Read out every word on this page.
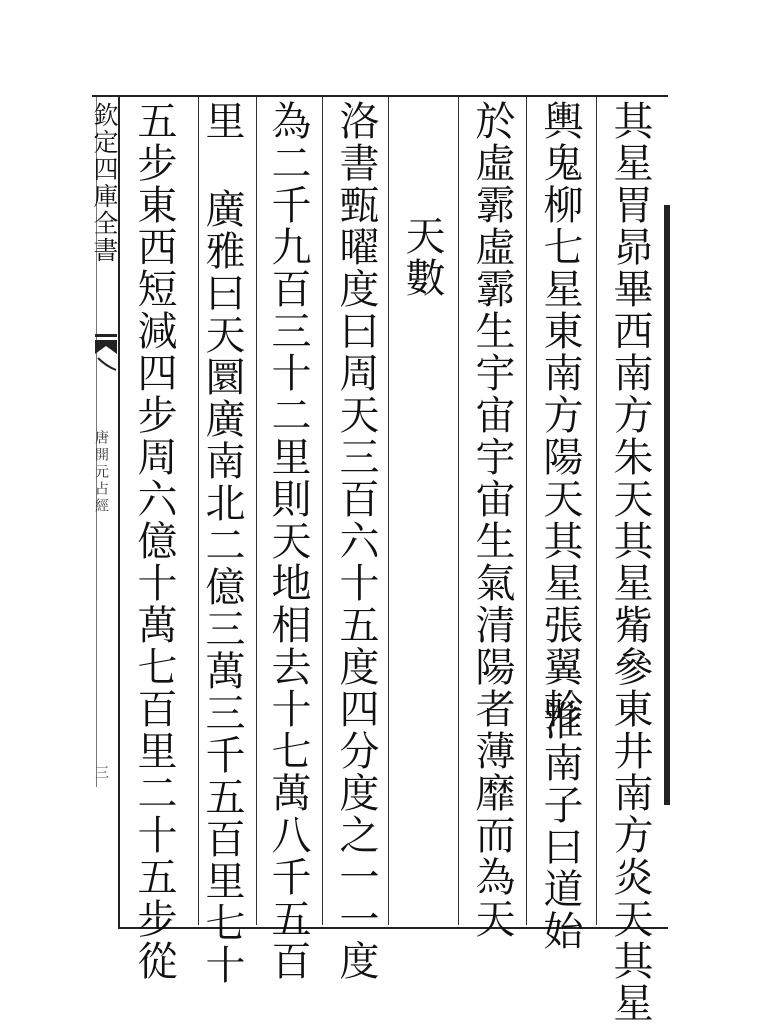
欽定四庫全書
唐開元占經
三	其星胃昴畢西南方朱天其星觜參東井南方炎天其星
輿鬼柳七星東南方陽天其星張翼軫
淮南子曰道始
於虛霩虛霩生宇宙宇宙生氣清陽者薄靡而為天
天數
洛書甄曜度曰周天三百六十五度四分度之一一度
為二千九百三十二里則天地相去十七萬八千五百
里
廣雅曰天圜廣南北二億三萬三千五百里七十
五步東西短減四步周六億十萬七百里二十五步從
